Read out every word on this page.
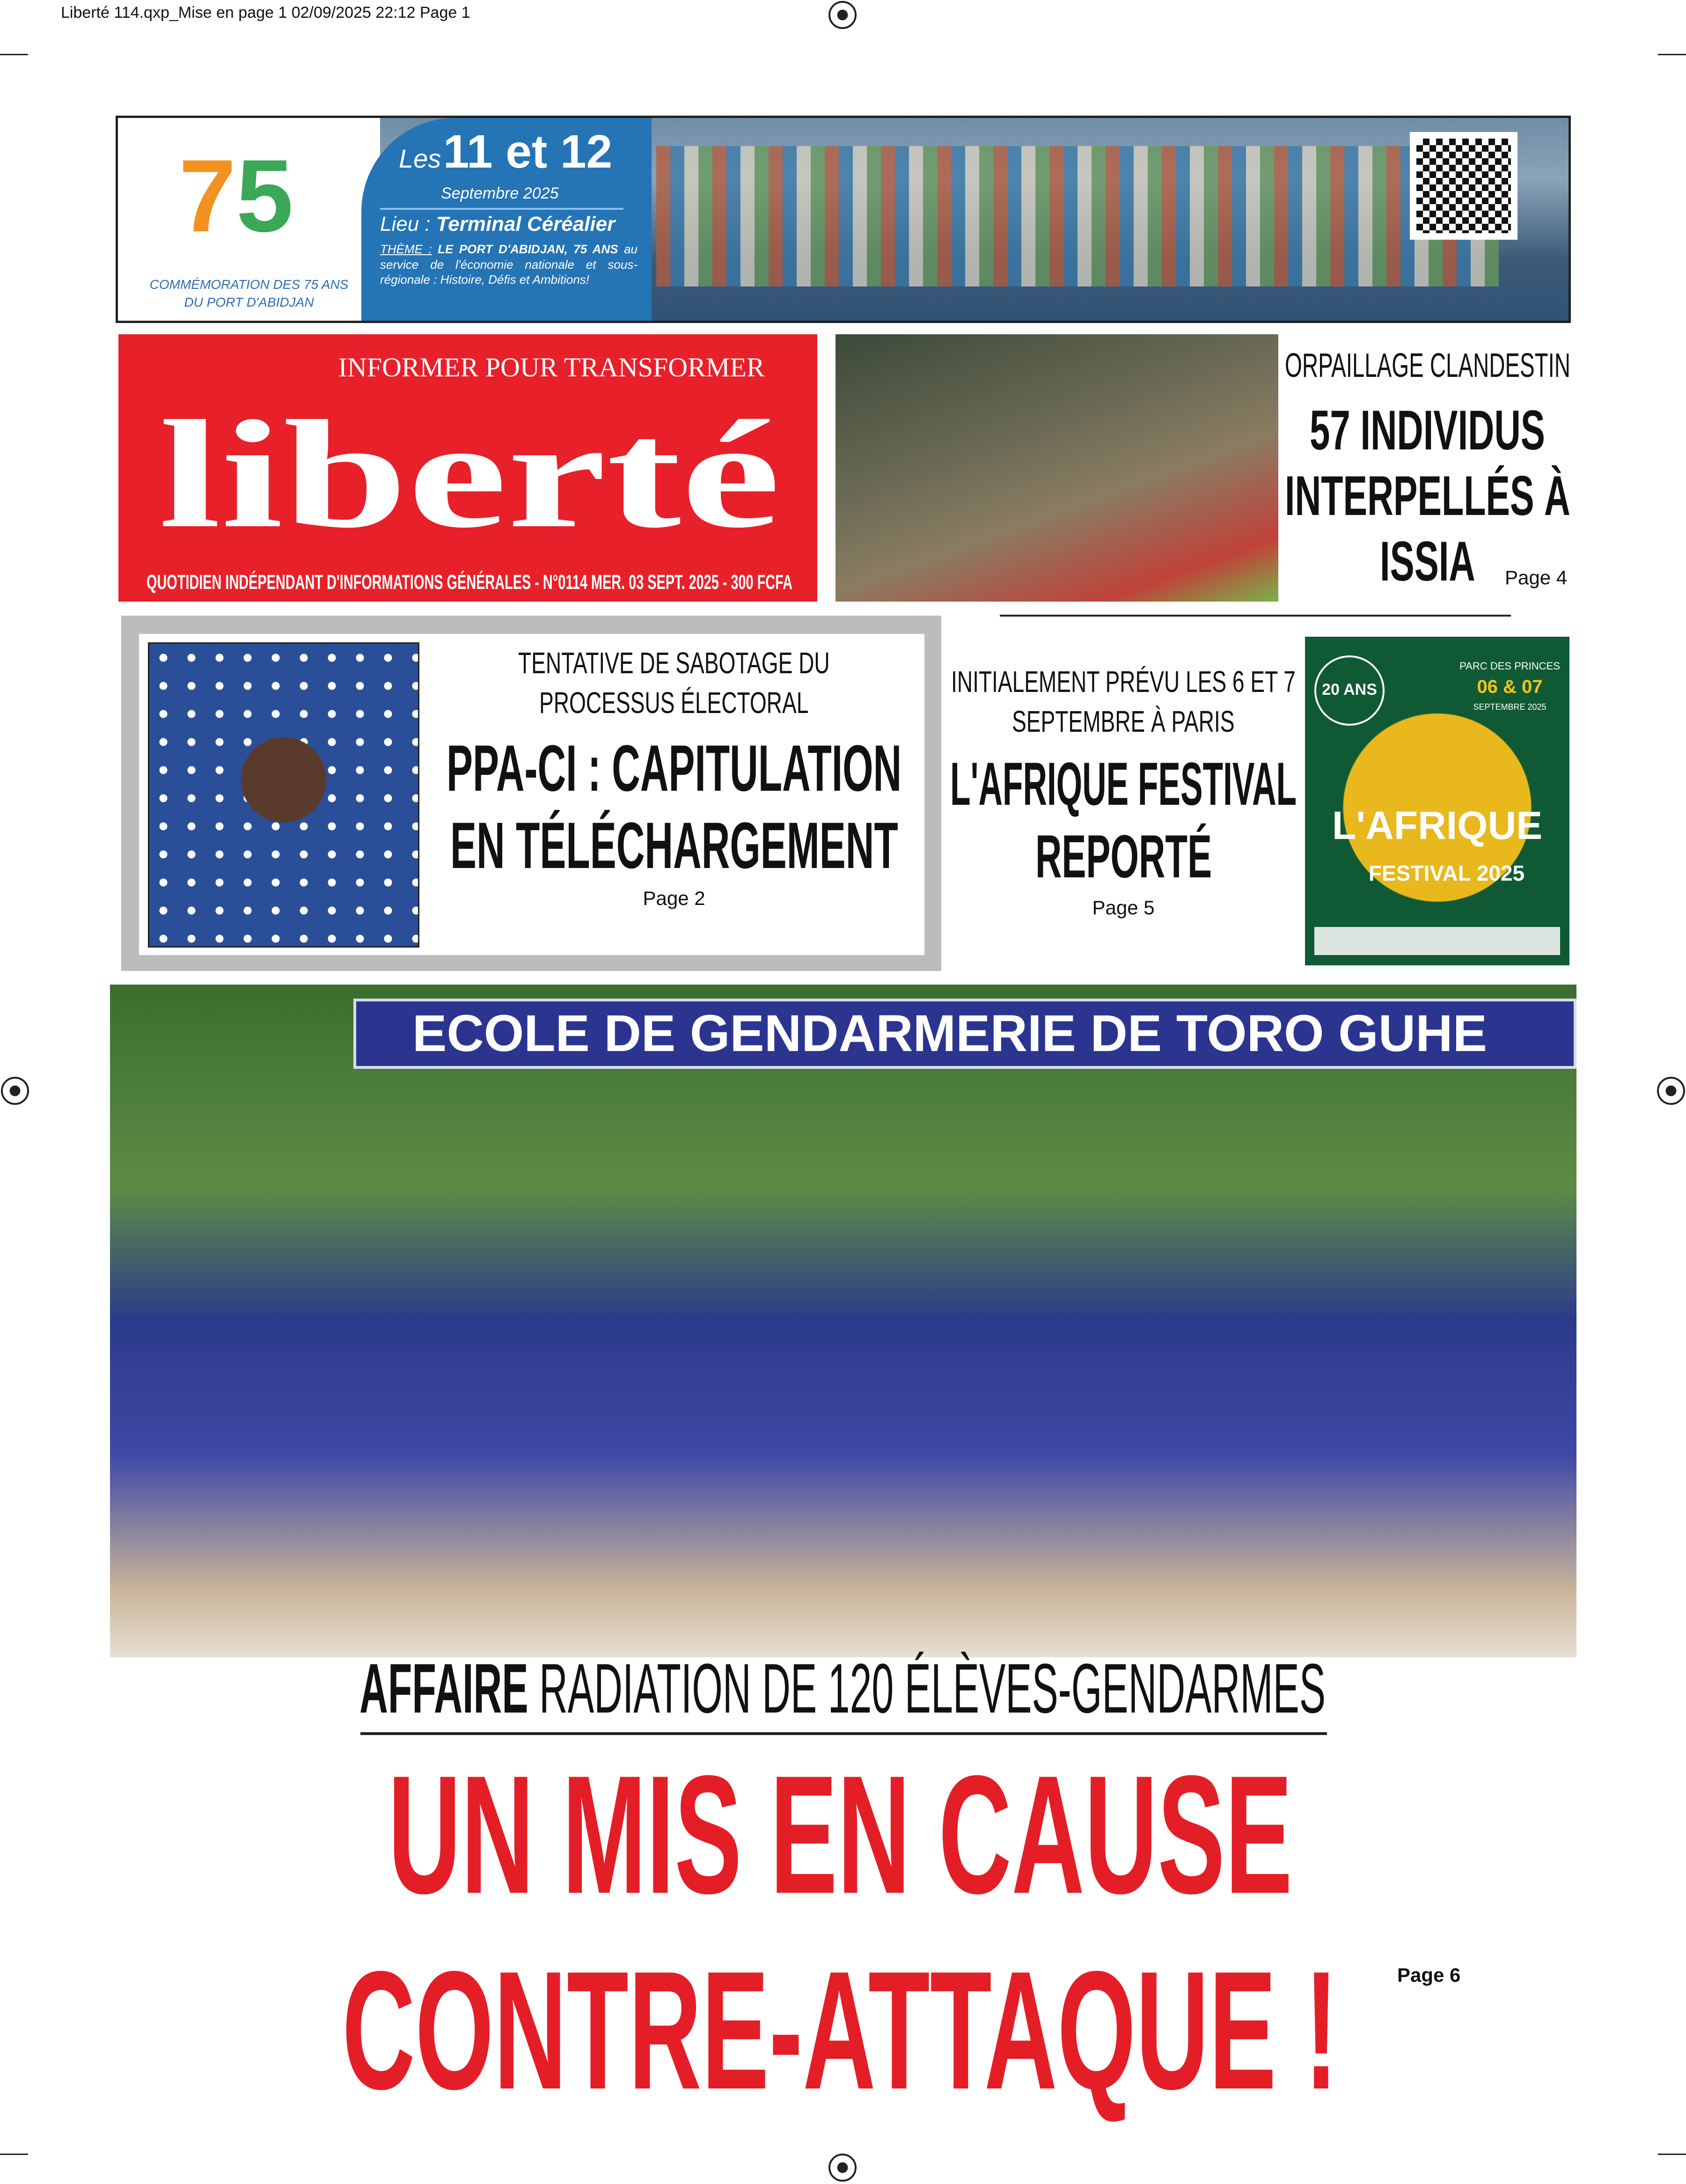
Liberté 114.qxp_Mise en page 1 02/09/2025 22:12 Page 1
75
COMMÉMORATION DES 75 ANS
DU PORT D'ABIDJAN
Les 11 et 12
Septembre 2025
Lieu : Terminal Céréalier
THÈME : LE PORT D'ABIDJAN, 75 ANS au service de l'économie nationale et sous-régionale : Histoire, Défis et Ambitions!
INFORMER POUR TRANSFORMER
liberté
QUOTIDIEN INDÉPENDANT D'INFORMATIONS GÉNÉRALES - N°0114 MER. 03 SEPT. 2025 - 300 FCFA
ORPAILLAGE CLANDESTIN
57 INDIVIDUS
INTERPELLÉS À
ISSIA	Page 4
TENTATIVE DE SABOTAGE DU
PROCESSUS ÉLECTORAL
PPA-CI : CAPITULATION
EN TÉLÉCHARGEMENT
Page 2
INITIALEMENT PRÉVU LES 6 ET 7
SEPTEMBRE À PARIS
L'AFRIQUE FESTIVAL
REPORTÉ
Page 5
20 ANS
PARC DES PRINCES
06 & 07
SEPTEMBRE 2025
L'AFRIQUE
FESTIVAL 2025
ECOLE DE GENDARMERIE DE TORO GUHE
AFFAIRE RADIATION DE 120 ÉLÈVES-GENDARMES
UN MIS EN CAUSE
CONTRE-ATTAQUE !	Page 6
